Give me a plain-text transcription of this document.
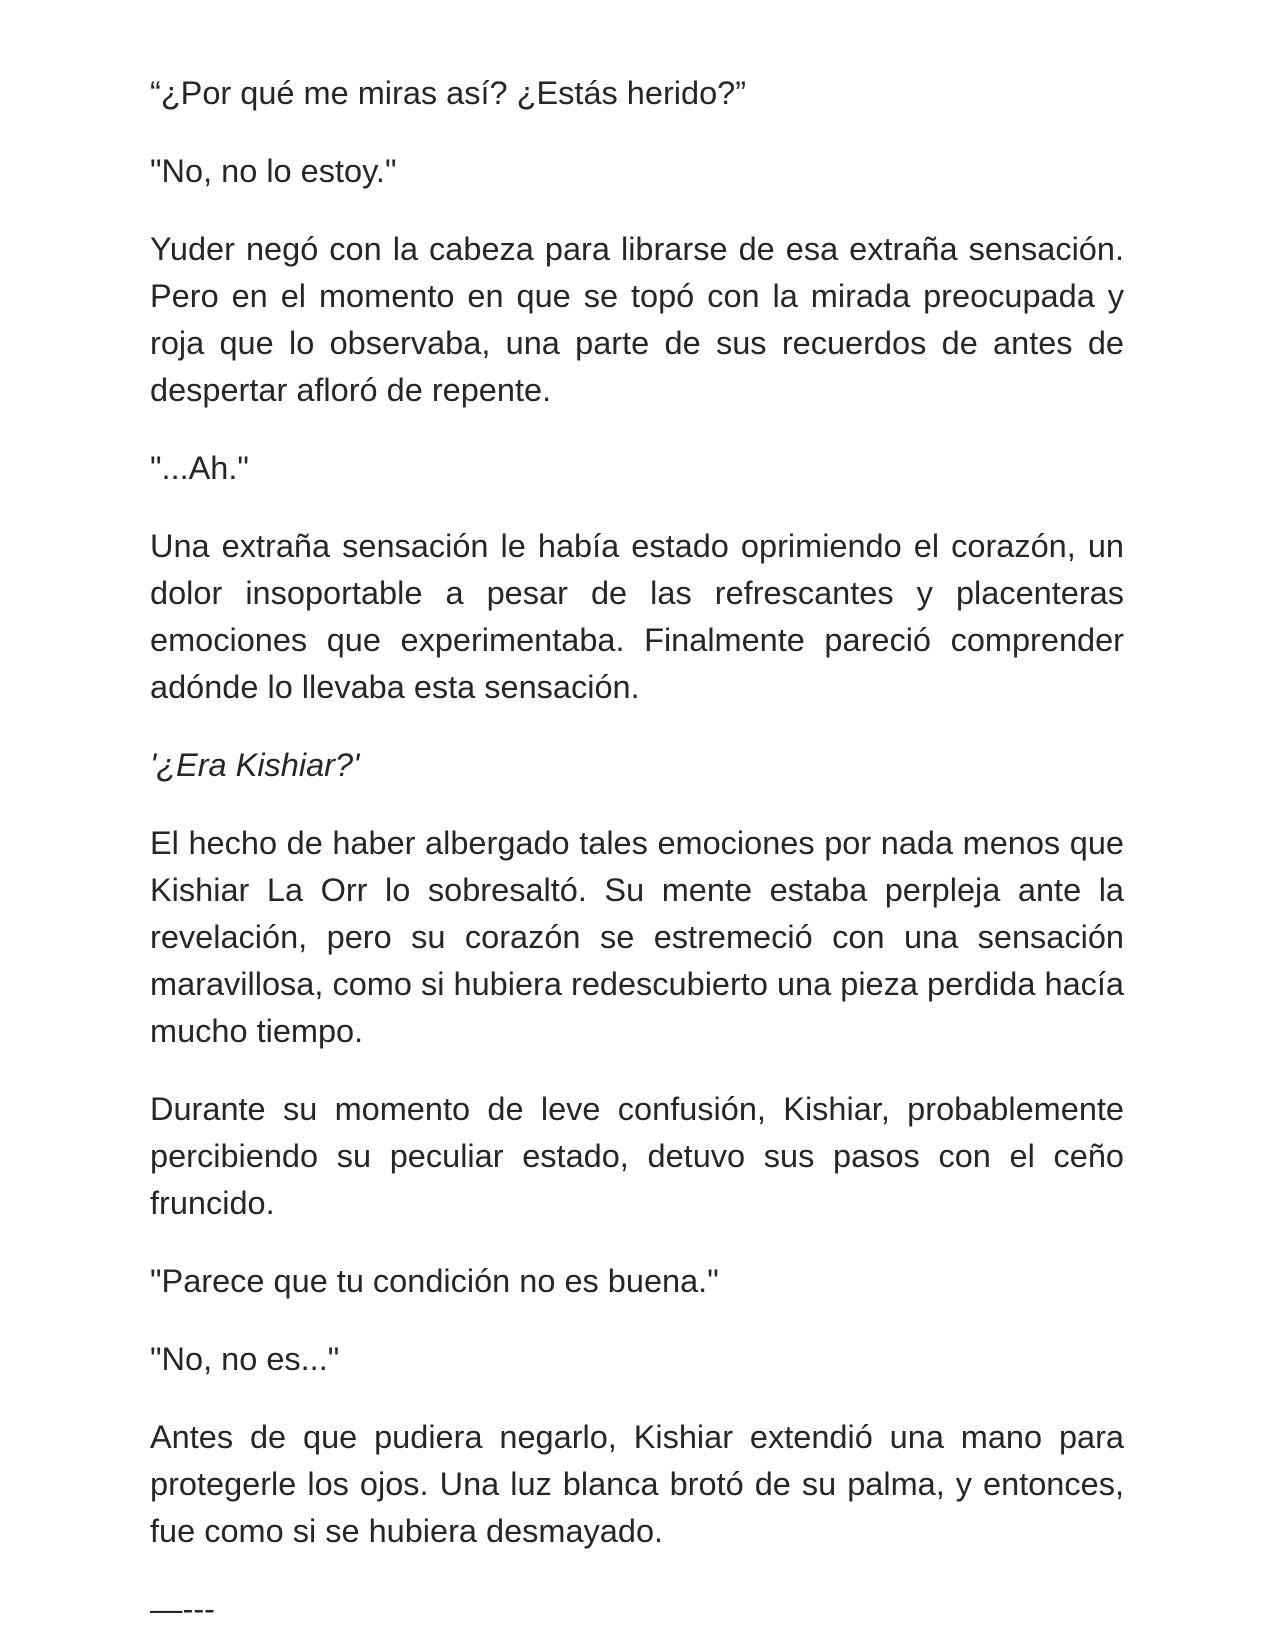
“¿Por qué me miras así? ¿Estás herido?”

"No, no lo estoy."

Yuder negó con la cabeza para librarse de esa extraña sensación. Pero en el momento en que se topó con la mirada preocupada y roja que lo observaba, una parte de sus recuerdos de antes de despertar afloró de repente.

"...Ah."

Una extraña sensación le había estado oprimiendo el corazón, un dolor insoportable a pesar de las refrescantes y placenteras emociones que experimentaba. Finalmente pareció comprender adónde lo llevaba esta sensación.

'¿Era Kishiar?'

El hecho de haber albergado tales emociones por nada menos que Kishiar La Orr lo sobresaltó. Su mente estaba perpleja ante la revelación, pero su corazón se estremeció con una sensación maravillosa, como si hubiera redescubierto una pieza perdida hacía mucho tiempo.

Durante su momento de leve confusión, Kishiar, probablemente percibiendo su peculiar estado, detuvo sus pasos con el ceño fruncido.

"Parece que tu condición no es buena."

"No, no es..."

Antes de que pudiera negarlo, Kishiar extendió una mano para protegerle los ojos. Una luz blanca brotó de su palma, y entonces, fue como si se hubiera desmayado.

—---
